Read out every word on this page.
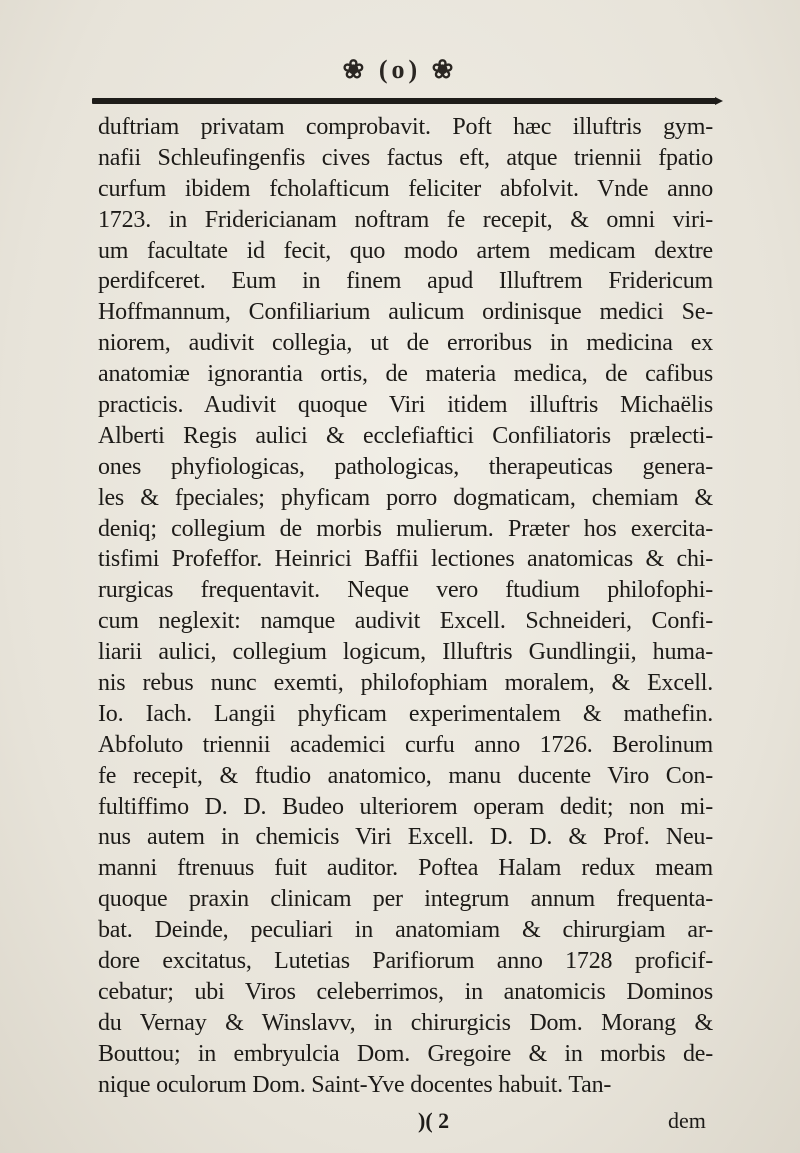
❀ (o) ❀
duftriam privatam comprobavit. Poft hæc illuftris gym-
nafii Schleufingenfis cives factus eft, atque triennii fpatio
curfum ibidem fcholafticum feliciter abfolvit. Vnde anno
1723. in Fridericianam noftram fe recepit, & omni viri-
um facultate id fecit, quo modo artem medicam dextre
perdifceret. Eum in finem apud Illuftrem Fridericum
Hoffmannum, Confiliarium aulicum ordinisque medici Se-
niorem, audivit collegia, ut de erroribus in medicina ex
anatomiæ ignorantia ortis, de materia medica, de cafibus
practicis. Audivit quoque Viri itidem illuftris Michaëlis
Alberti Regis aulici & ecclefiaftici Confiliatoris prælecti-
ones phyfiologicas, pathologicas, therapeuticas genera-
les & fpeciales; phyficam porro dogmaticam, chemiam &
deniq; collegium de morbis mulierum. Præter hos exercita-
tisfimi Profeffor. Heinrici Baffii lectiones anatomicas & chi-
rurgicas frequentavit. Neque vero ftudium philofophi-
cum neglexit: namque audivit Excell. Schneideri, Confi-
liarii aulici, collegium logicum, Illuftris Gundlingii, huma-
nis rebus nunc exemti, philofophiam moralem, & Excell.
Io. Iach. Langii phyficam experimentalem & mathefin.
Abfoluto triennii academici curfu anno 1726. Berolinum
fe recepit, & ftudio anatomico, manu ducente Viro Con-
fultiffimo D. D. Budeo ulteriorem operam dedit; non mi-
nus autem in chemicis Viri Excell. D. D. & Prof. Neu-
manni ftrenuus fuit auditor. Poftea Halam redux meam
quoque praxin clinicam per integrum annum frequenta-
bat. Deinde, peculiari in anatomiam & chirurgiam ar-
dore excitatus, Lutetias Parifiorum anno 1728 proficif-
cebatur; ubi Viros celeberrimos, in anatomicis Dominos
du Vernay & Winslavv, in chirurgicis Dom. Morang &
Bouttou; in embryulcia Dom. Gregoire & in morbis de-
nique oculorum Dom. Saint-Yve docentes habuit. Tan-
)( 2	dem
